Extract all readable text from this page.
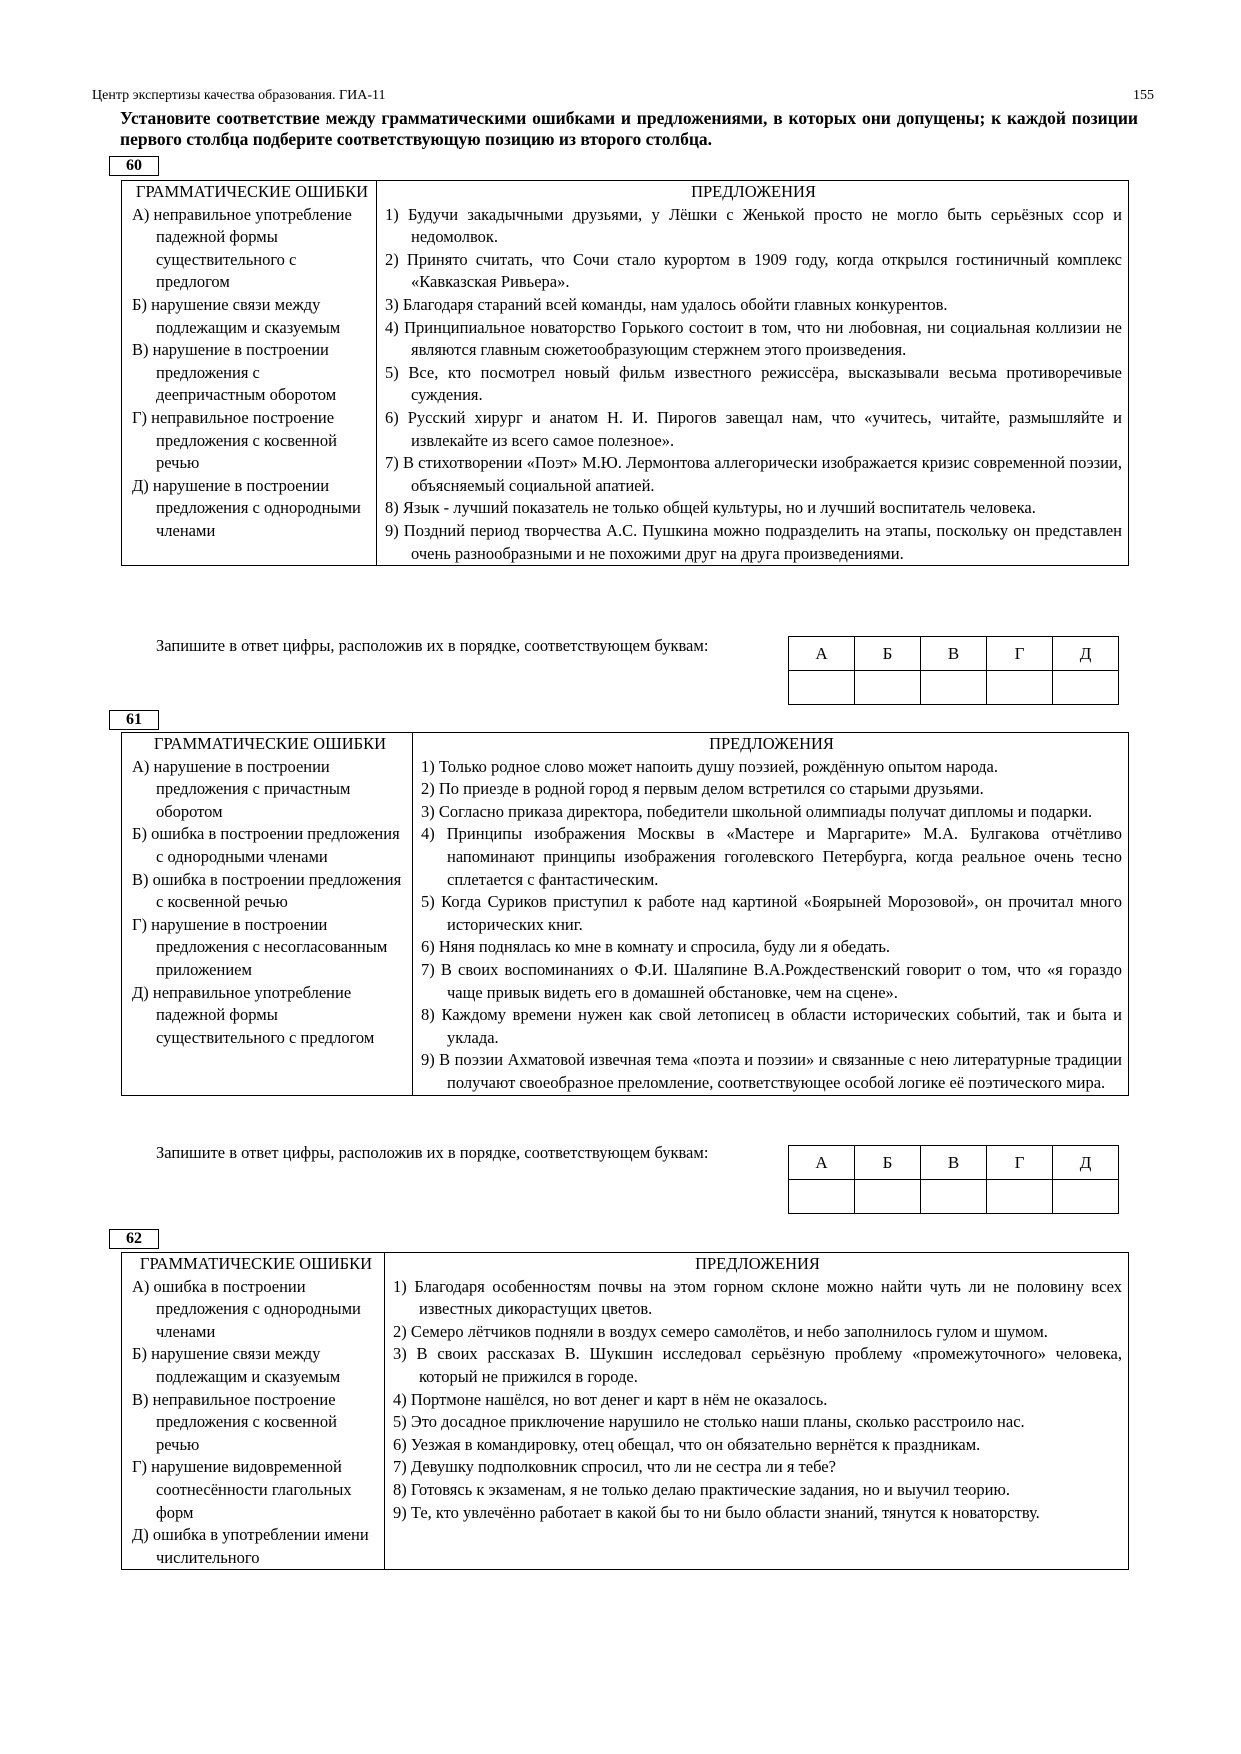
Центр экспертизы качества образования. ГИА-11	155
Установите соответствие между грамматическими ошибками и предложениями, в которых они допущены; к каждой позиции первого столбца подберите соответствующую позицию из второго столбца.
60
ГРАММАТИЧЕСКИЕ ОШИБКИ
А) неправильное употребление падежной формы существительного с предлогом
Б) нарушение связи между подлежащим и сказуемым
В) нарушение в построении предложения с деепричастным оборотом
Г) неправильное построение предложения с косвенной речью
Д) нарушение в построении предложения с однородными членами

ПРЕДЛОЖЕНИЯ
1) Будучи закадычными друзьями, у Лёшки с Женькой просто не могло быть серьёзных ссор и недомолвок.
2) Принято считать, что Сочи стало курортом в 1909 году, когда открылся гостиничный комплекс «Кавказская Ривьера».
3) Благодаря стараний всей команды, нам удалось обойти главных конкурентов.
4) Принципиальное новаторство Горького состоит в том, что ни любовная, ни социальная коллизии не являются главным сюжетообразующим стержнем этого произведения.
5) Все, кто посмотрел новый фильм известного режиссёра, высказывали весьма противоречивые суждения.
6) Русский хирург и анатом Н. И. Пирогов завещал нам, что «учитесь, читайте, размышляйте и извлекайте из всего самое полезное».
7) В стихотворении «Поэт» М.Ю. Лермонтова аллегорически изображается кризис современной поэзии, объясняемый социальной апатией.
8) Язык - лучший показатель не только общей культуры, но и лучший воспитатель человека.
9) Поздний период творчества А.С. Пушкина можно подразделить на этапы, поскольку он представлен очень разнообразными и не похожими друг на друга произведениями.
Запишите в ответ цифры, расположив их в порядке, соответствующем буквам:	А	Б	В	Г	Д

61
ГРАММАТИЧЕСКИЕ ОШИБКИ
А) нарушение в построении предложения с причастным оборотом
Б) ошибка в построении предложения с однородными членами
В) ошибка в построении предложения с косвенной речью
Г) нарушение в построении предложения с несогласованным приложением
Д) неправильное употребление падежной формы существительного с предлогом

ПРЕДЛОЖЕНИЯ
1) Только родное слово может напоить душу поэзией, рождённую опытом народа.
2) По приезде в родной город я первым делом встретился со старыми друзьями.
3) Согласно приказа директора, победители школьной олимпиады получат дипломы и подарки.
4) Принципы изображения Москвы в «Мастере и Маргарите» М.А. Булгакова отчётливо напоминают принципы изображения гоголевского Петербурга, когда реальное очень тесно сплетается с фантастическим.
5) Когда Суриков приступил к работе над картиной «Боярыней Морозовой», он прочитал много исторических книг.
6) Няня поднялась ко мне в комнату и спросила, буду ли я обедать.
7) В своих воспоминаниях о Ф.И. Шаляпине В.А.Рождественский говорит о том, что «я гораздо чаще привык видеть его в домашней обстановке, чем на сцене».
8) Каждому времени нужен как свой летописец в области исторических событий, так и быта и уклада.
9) В поэзии Ахматовой извечная тема «поэта и поэзии» и связанные с нею литературные традиции получают своеобразное преломление, соответствующее особой логике её поэтического мира.
Запишите в ответ цифры, расположив их в порядке, соответствующем буквам:	А	Б	В	Г	Д

62
ГРАММАТИЧЕСКИЕ ОШИБКИ
А) ошибка в построении предложения с однородными членами
Б) нарушение связи между подлежащим и сказуемым
В) неправильное построение предложения с косвенной речью
Г) нарушение видовременной соотнесённости глагольных форм
Д) ошибка в употреблении имени числительного

ПРЕДЛОЖЕНИЯ
1) Благодаря особенностям почвы на этом горном склоне можно найти чуть ли не половину всех известных дикорастущих цветов.
2) Семеро лётчиков подняли в воздух семеро самолётов, и небо заполнилось гулом и шумом.
3) В своих рассказах В. Шукшин исследовал серьёзную проблему «промежуточного» человека, который не прижился в городе.
4) Портмоне нашёлся, но вот денег и карт в нём не оказалось.
5) Это досадное приключение нарушило не столько наши планы, сколько расстроило нас.
6) Уезжая в командировку, отец обещал, что он обязательно вернётся к праздникам.
7) Девушку подполковник спросил, что ли не сестра ли я тебе?
8) Готовясь к экзаменам, я не только делаю практические задания, но и выучил теорию.
9) Те, кто увлечённо работает в какой бы то ни было области знаний, тянутся к новаторству.
